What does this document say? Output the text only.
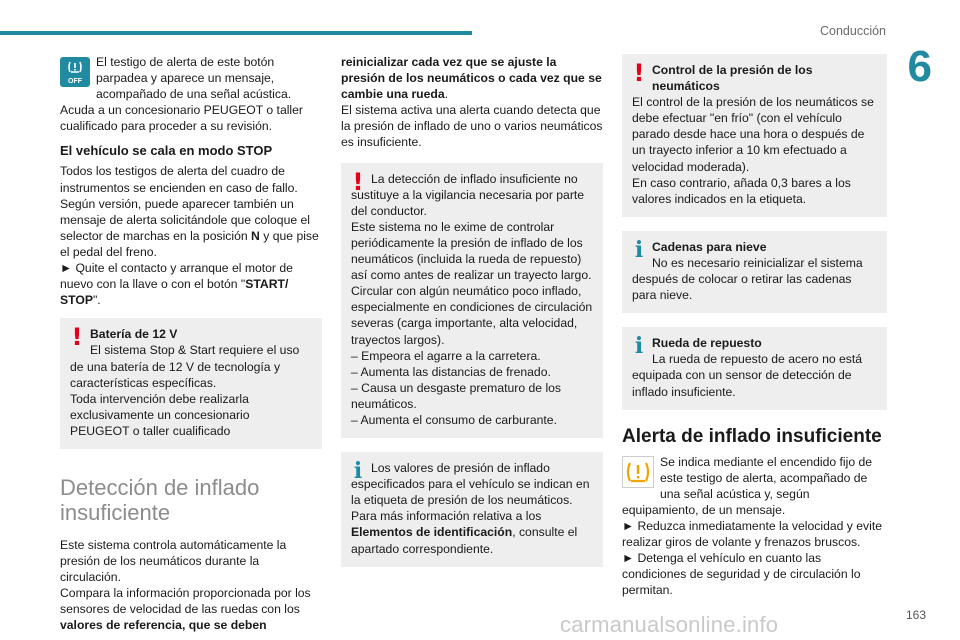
Conducción
6
OFF

El testigo de alerta de este botón parpadea y aparece un mensaje, acompañado de una señal acústica.

Acuda a un concesionario PEUGEOT o taller cualificado para proceder a su revisión.

El vehículo se cala en modo STOP

Todos los testigos de alerta del cuadro de instrumentos se encienden en caso de fallo.

Según versión, puede aparecer también un mensaje de alerta solicitándole que coloque el selector de marchas en la posición N y que pise el pedal del freno.

► Quite el contacto y arranque el motor de nuevo con la llave o con el botón "START/ STOP".

! Batería de 12 V

El sistema Stop & Start requiere el uso de una batería de 12 V de tecnología y características específicas.

Toda intervención debe realizarla exclusivamente un concesionario PEUGEOT o taller cualificado

Detección de inflado insuficiente

Este sistema controla automáticamente la presión de los neumáticos durante la circulación.

Compara la información proporcionada por los sensores de velocidad de las ruedas con los valores de referencia, que se deben

reinicializar cada vez que se ajuste la presión de los neumáticos o cada vez que se cambie una rueda.

El sistema activa una alerta cuando detecta que la presión de inflado de uno o varios neumáticos es insuficiente.

! La detección de inflado insuficiente no sustituye a la vigilancia necesaria por parte del conductor.

Este sistema no le exime de controlar periódicamente la presión de inflado de los neumáticos (incluida la rueda de repuesto) así como antes de realizar un trayecto largo.

Circular con algún neumático poco inflado, especialmente en condiciones de circulación severas (carga importante, alta velocidad, trayectos largos).

– Empeora el agarre a la carretera.

– Aumenta las distancias de frenado.

– Causa un desgaste prematuro de los neumáticos.

– Aumenta el consumo de carburante.

i Los valores de presión de inflado especificados para el vehículo se indican en la etiqueta de presión de los neumáticos.

Para más información relativa a los Elementos de identificación, consulte el apartado correspondiente.

! Control de la presión de los neumáticos

El control de la presión de los neumáticos se debe efectuar "en frío" (con el vehículo parado desde hace una hora o después de un trayecto inferior a 10 km efectuado a velocidad moderada).

En caso contrario, añada 0,3 bares a los valores indicados en la etiqueta.

i Cadenas para nieve

No es necesario reinicializar el sistema después de colocar o retirar las cadenas para nieve.

i Rueda de repuesto

La rueda de repuesto de acero no está equipada con un sensor de detección de inflado insuficiente.

Alerta de inflado insuficiente

Se indica mediante el encendido fijo de este testigo de alerta, acompañado de una señal acústica y, según equipamiento, de un mensaje.

► Reduzca inmediatamente la velocidad y evite realizar giros de volante y frenazos bruscos.

► Detenga el vehículo en cuanto las condiciones de seguridad y de circulación lo permitan.

carmanualsonline.info	163
